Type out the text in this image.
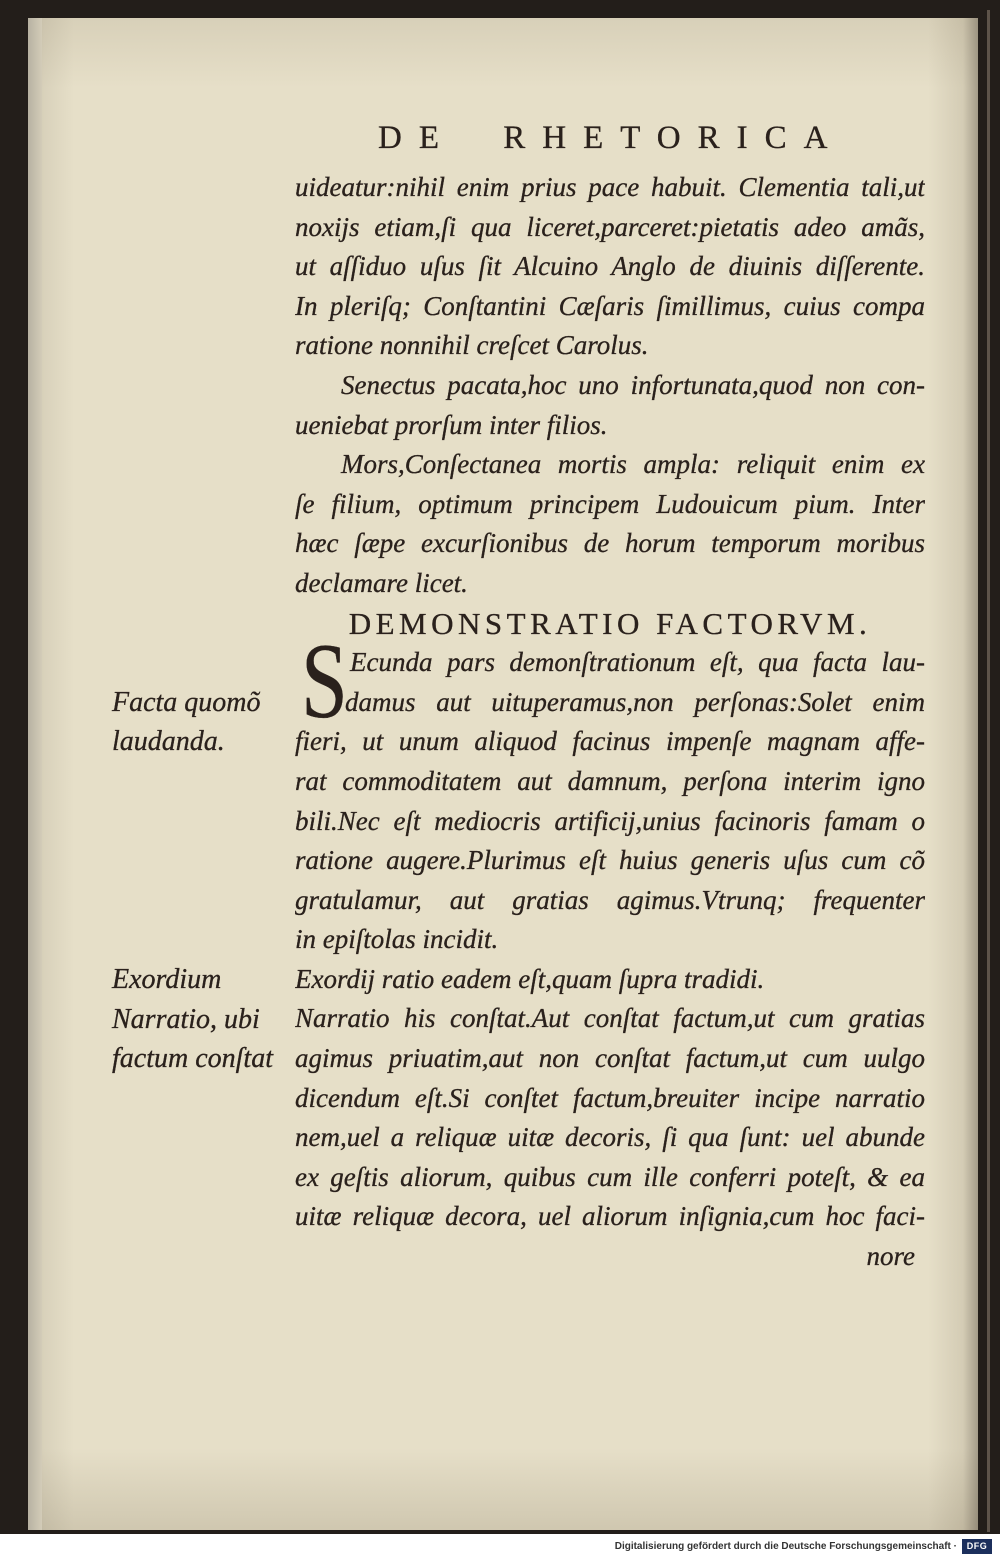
DE RHETORICA
uideatur:nihil enim prius pace habuit. Clementia tali,ut
noxijs etiam,ſi qua liceret,parceret:pietatis adeo amãs,
ut aſſiduo uſus ſit Alcuino Anglo de diuinis diſſerente.
In pleriſq; Conſtantini Cæſaris ſimillimus, cuius compa
ratione nonnihil creſcet Carolus.
Senectus pacata,hoc uno infortunata,quod non con-
ueniebat prorſum inter filios.
Mors,Conſectanea mortis ampla: reliquit enim ex
ſe filium, optimum principem Ludouicum pium. Inter
hæc ſæpe excurſionibus de horum temporum moribus
declamare licet.
DEMONSTRATIO FACTORVM.
S Ecunda pars demonſtrationum eſt, qua facta lau-
damus aut uituperamus,non perſonas:Solet enim
fieri, ut unum aliquod facinus impenſe magnam affe-
rat commoditatem aut damnum, perſona interim igno
bili.Nec eſt mediocris artificij,unius facinoris famam o
ratione augere.Plurimus eſt huius generis uſus cum cõ
gratulamur, aut gratias agimus.Vtrunq; frequenter
in epiſtolas incidit.
Exordij ratio eadem eſt,quam ſupra tradidi.
Narratio his conſtat.Aut conſtat factum,ut cum gratias
agimus priuatim,aut non conſtat factum,ut cum uulgo
dicendum eſt.Si conſtet factum,breuiter incipe narratio
nem,uel a reliquæ uitæ decoris, ſi qua ſunt: uel abunde
ex geſtis aliorum, quibus cum ille conferri poteſt, & ea
uitæ reliquæ decora, uel aliorum inſignia,cum hoc faci-
nore
Facta quomõ
laudanda.
Exordium
Narratio, ubi
factum conſtat
Digitalisierung gefördert durch die Deutsche Forschungsgemeinschaft ·	DFG
